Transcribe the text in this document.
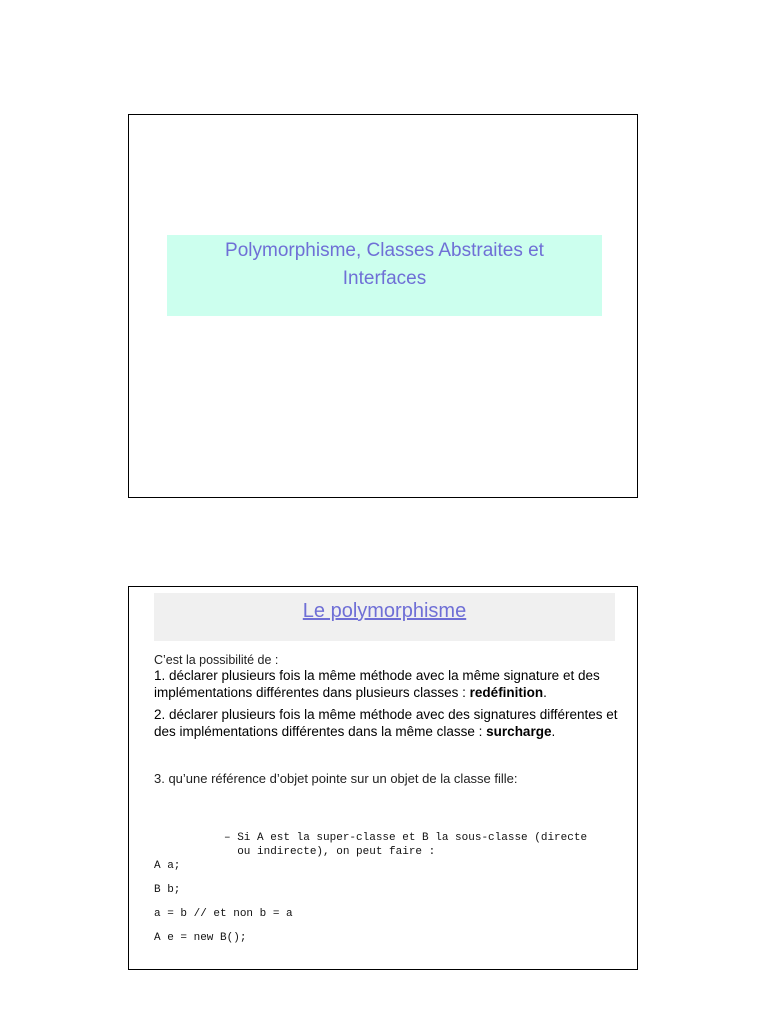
Polymorphisme, Classes Abstraites et
Interfaces
Le polymorphisme

C’est la possibilité de :

1. déclarer plusieurs fois la même méthode avec la même signature et des implémentations différentes dans plusieurs classes : redéfinition.

2. déclarer plusieurs fois la même méthode avec des signatures différentes et des implémentations différentes dans la même classe : surcharge.

3. qu’une référence d’objet pointe sur un objet de la classe fille:

– Si A est la super-classe et B la sous-classe (directe
ou indirecte), on peut faire :
A a;
B b;
a = b // et non b = a
A e = new B();
